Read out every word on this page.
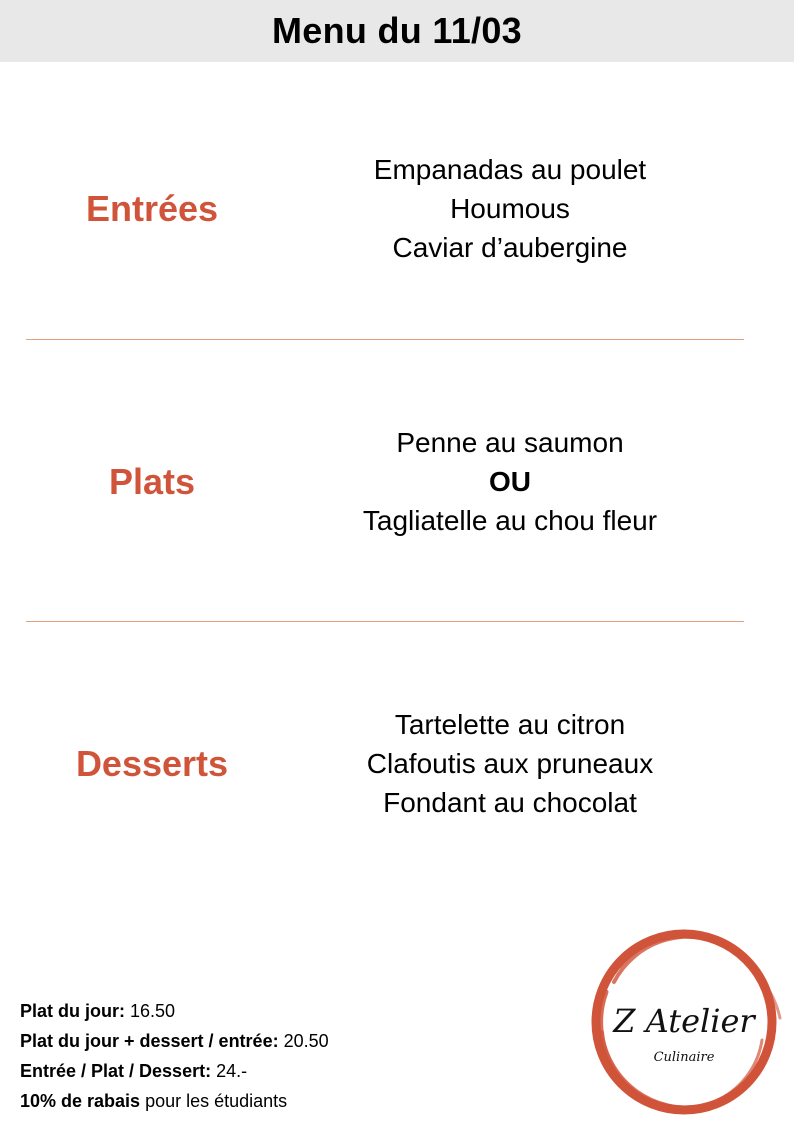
Menu du 11/03
Entrées
Empanadas au poulet
Houmous
Caviar d’aubergine
Plats
Penne au saumon
OU
Tagliatelle au chou fleur
Desserts
Tartelette au citron
Clafoutis aux pruneaux
Fondant au chocolat
Plat du jour: 16.50
Plat du jour + dessert / entrée: 20.50
Entrée / Plat / Dessert: 24.-
10% de rabais pour les étudiants
Z Atelier
Culinaire
